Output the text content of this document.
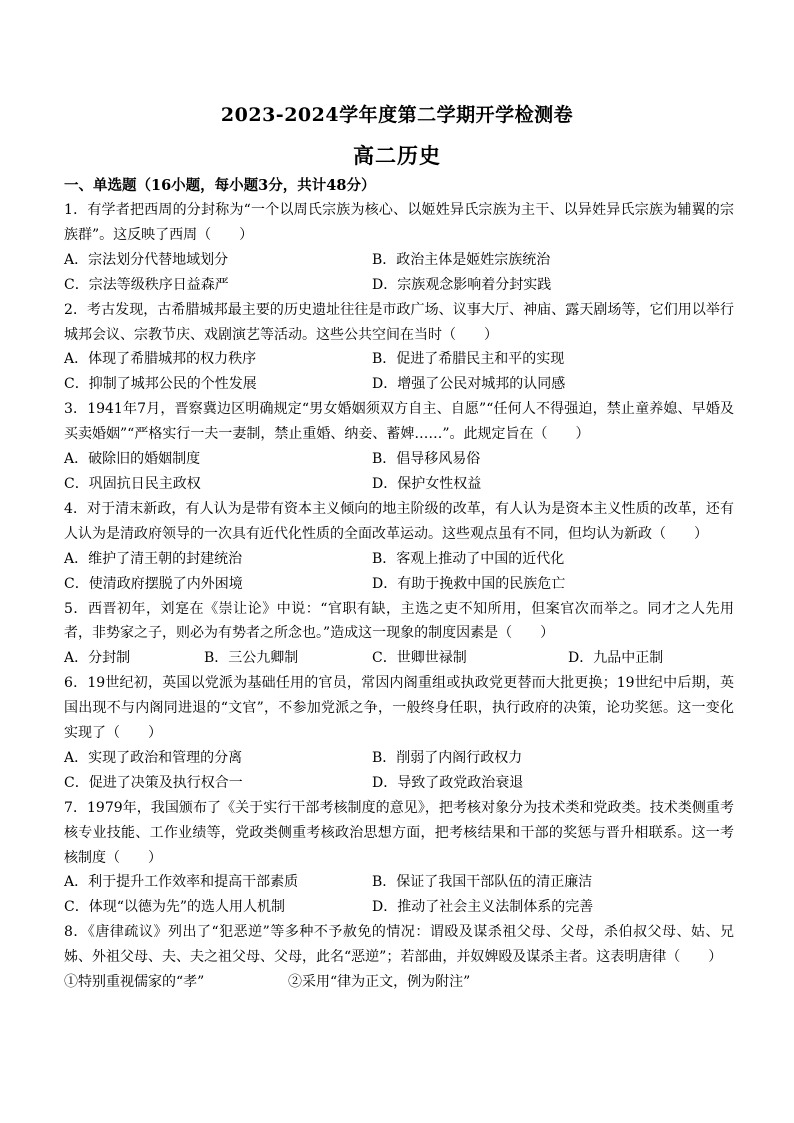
2023-2024学年度第二学期开学检测卷
高二历史
一、单选题（16小题，每小题3分，共计48分）

1．有学者把西周的分封称为“一个以周氏宗族为核心、以姬姓异氏宗族为主干、以异姓异氏宗族为辅翼的宗族群”。这反映了西周（　　）

A．宗法划分代替地域划分	B．政治主体是姬姓宗族统治
C．宗法等级秩序日益森严	D．宗族观念影响着分封实践

2．考古发现，古希腊城邦最主要的历史遗址往往是市政广场、议事大厅、神庙、露天剧场等，它们用以举行城邦会议、宗教节庆、戏剧演艺等活动。这些公共空间在当时（　　）

A．体现了希腊城邦的权力秩序	B．促进了希腊民主和平的实现
C．抑制了城邦公民的个性发展	D．增强了公民对城邦的认同感

3．1941年7月，晋察冀边区明确规定“男女婚姻须双方自主、自愿”“任何人不得强迫，禁止童养媳、早婚及买卖婚姻”“严格实行一夫一妻制，禁止重婚、纳妾、蓄婢……”。此规定旨在（　　）

A．破除旧的婚姻制度	B．倡导移风易俗
C．巩固抗日民主政权	D．保护女性权益

4．对于清末新政，有人认为是带有资本主义倾向的地主阶级的改革，有人认为是资本主义性质的改革，还有人认为是清政府领导的一次具有近代化性质的全面改革运动。这些观点虽有不同，但均认为新政（　　）

A．维护了清王朝的封建统治	B．客观上推动了中国的近代化
C．使清政府摆脱了内外困境	D．有助于挽救中国的民族危亡

5．西晋初年，刘寔在《崇让论》中说：“官职有缺，主选之吏不知所用，但案官次而举之。同才之人先用者，非势家之子，则必为有势者之所念也。”造成这一现象的制度因素是（　　）

A．分封制	B．三公九卿制	C．世卿世禄制	D．九品中正制

6．19世纪初，英国以党派为基础任用的官员，常因内阁重组或执政党更替而大批更换；19世纪中后期，英国出现不与内阁同进退的“文官”，不参加党派之争，一般终身任职，执行政府的决策，论功奖惩。这一变化实现了（　　）

A．实现了政治和管理的分离	B．削弱了内阁行政权力
C．促进了决策及执行权合一	D．导致了政党政治衰退

7．1979年，我国颁布了《关于实行干部考核制度的意见》，把考核对象分为技术类和党政类。技术类侧重考核专业技能、工作业绩等，党政类侧重考核政治思想方面，把考核结果和干部的奖惩与晋升相联系。这一考核制度（　　）

A．利于提升工作效率和提高干部素质	B．保证了我国干部队伍的清正廉洁
C．体现“以德为先”的选人用人机制	D．推动了社会主义法制体系的完善

8．《唐律疏议》列出了“犯恶逆”等多种不予赦免的情况：谓殴及谋杀祖父母、父母，杀伯叔父母、姑、兄姊、外祖父母、夫、夫之祖父母、父母，此名“恶逆”；若部曲，并奴婢殴及谋杀主者。这表明唐律（　　）

①特别重视儒家的“孝”	②采用“律为正文，例为附注”
